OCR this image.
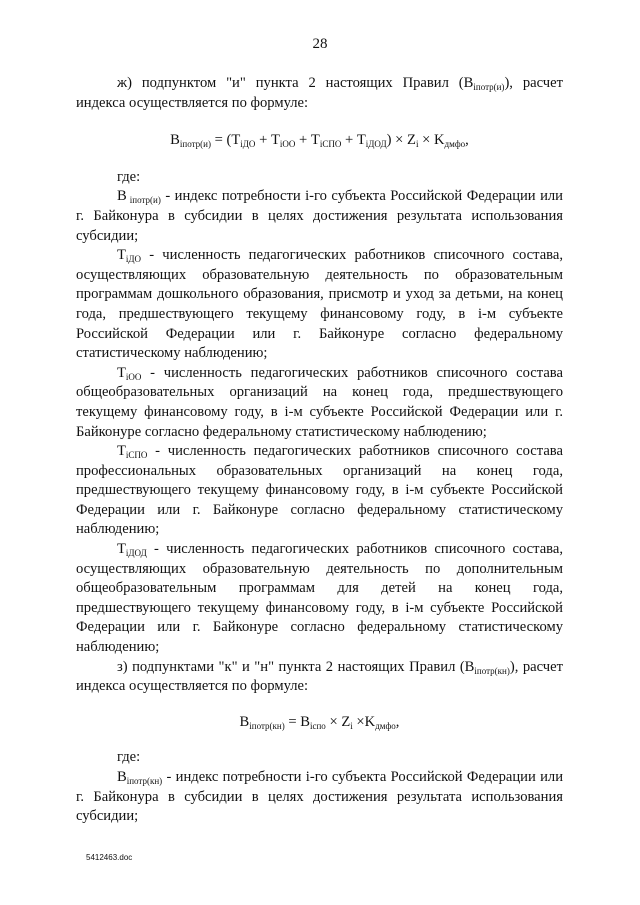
28

ж) подпунктом "и" пункта 2 настоящих Правил $(B_{iпотр(и)})$, расчет индекса осуществляется по формуле:

$B_{iпотр(и)} = (T_{iДО} + T_{iОО} + T_{iСПО} + T_{iДОД}) \times Z_i \times K_{дмфо}$,

где:

B $_{iпотр(и)}$ - индекс потребности i-го субъекта Российской Федерации или г. Байконура в субсидии в целях достижения результата использования субсидии;

$T_{iДО}$ - численность педагогических работников списочного состава, осуществляющих образовательную деятельность по образовательным программам дошкольного образования, присмотр и уход за детьми, на конец года, предшествующего текущему финансовому году, в i-м субъекте Российской Федерации или г. Байконуре согласно федеральному статистическому наблюдению;

$T_{iОО}$ - численность педагогических работников списочного состава общеобразовательных организаций на конец года, предшествующего текущему финансовому году, в i-м субъекте Российской Федерации или г. Байконуре согласно федеральному статистическому наблюдению;

$T_{iСПО}$ - численность педагогических работников списочного состава профессиональных образовательных организаций на конец года, предшествующего текущему финансовому году, в i-м субъекте Российской Федерации или г. Байконуре согласно федеральному статистическому наблюдению;

$T_{iДОД}$ - численность педагогических работников списочного состава, осуществляющих образовательную деятельность по дополнительным общеобразовательным программам для детей на конец года, предшествующего текущему финансовому году, в i-м субъекте Российской Федерации или г. Байконуре согласно федеральному статистическому наблюдению;

з) подпунктами "к" и "н" пункта 2 настоящих Правил $(B_{iпотр(кн)})$, расчет индекса осуществляется по формуле:

$B_{iпотр(кн)} = B_{iспо} \times Z_i \times K_{дмфо}$,

где:

$B_{iпотр(кн)}$ - индекс потребности i-го субъекта Российской Федерации или г. Байконура в субсидии в целях достижения результата использования субсидии;

5412463.doc
